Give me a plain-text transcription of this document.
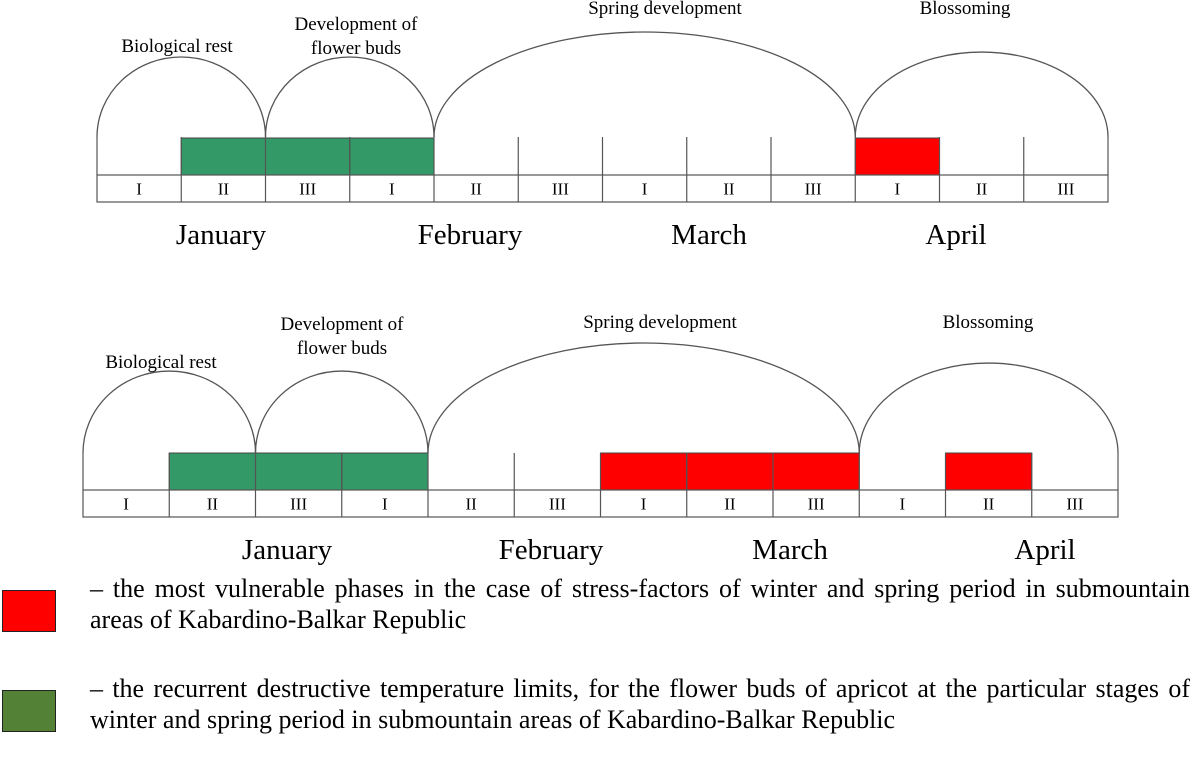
I	II	III	I	II	III	I	II	III	I	II	III
January	February	March	April
Biological rest
Development of
flower buds
Spring development	Blossoming
I	II	III	I	II	III	I	II	III	I	II	III
January	February	March	April
Biological rest
Development of
flower buds
Spring development	Blossoming
– the most vulnerable phases in the case of stress-factors of winter and spring period in submountain areas of Kabardino-Balkar Republic
– the recurrent destructive temperature limits, for the flower buds of apricot at the particular stages of winter and spring period in submountain areas of Kabardino-Balkar Republic
